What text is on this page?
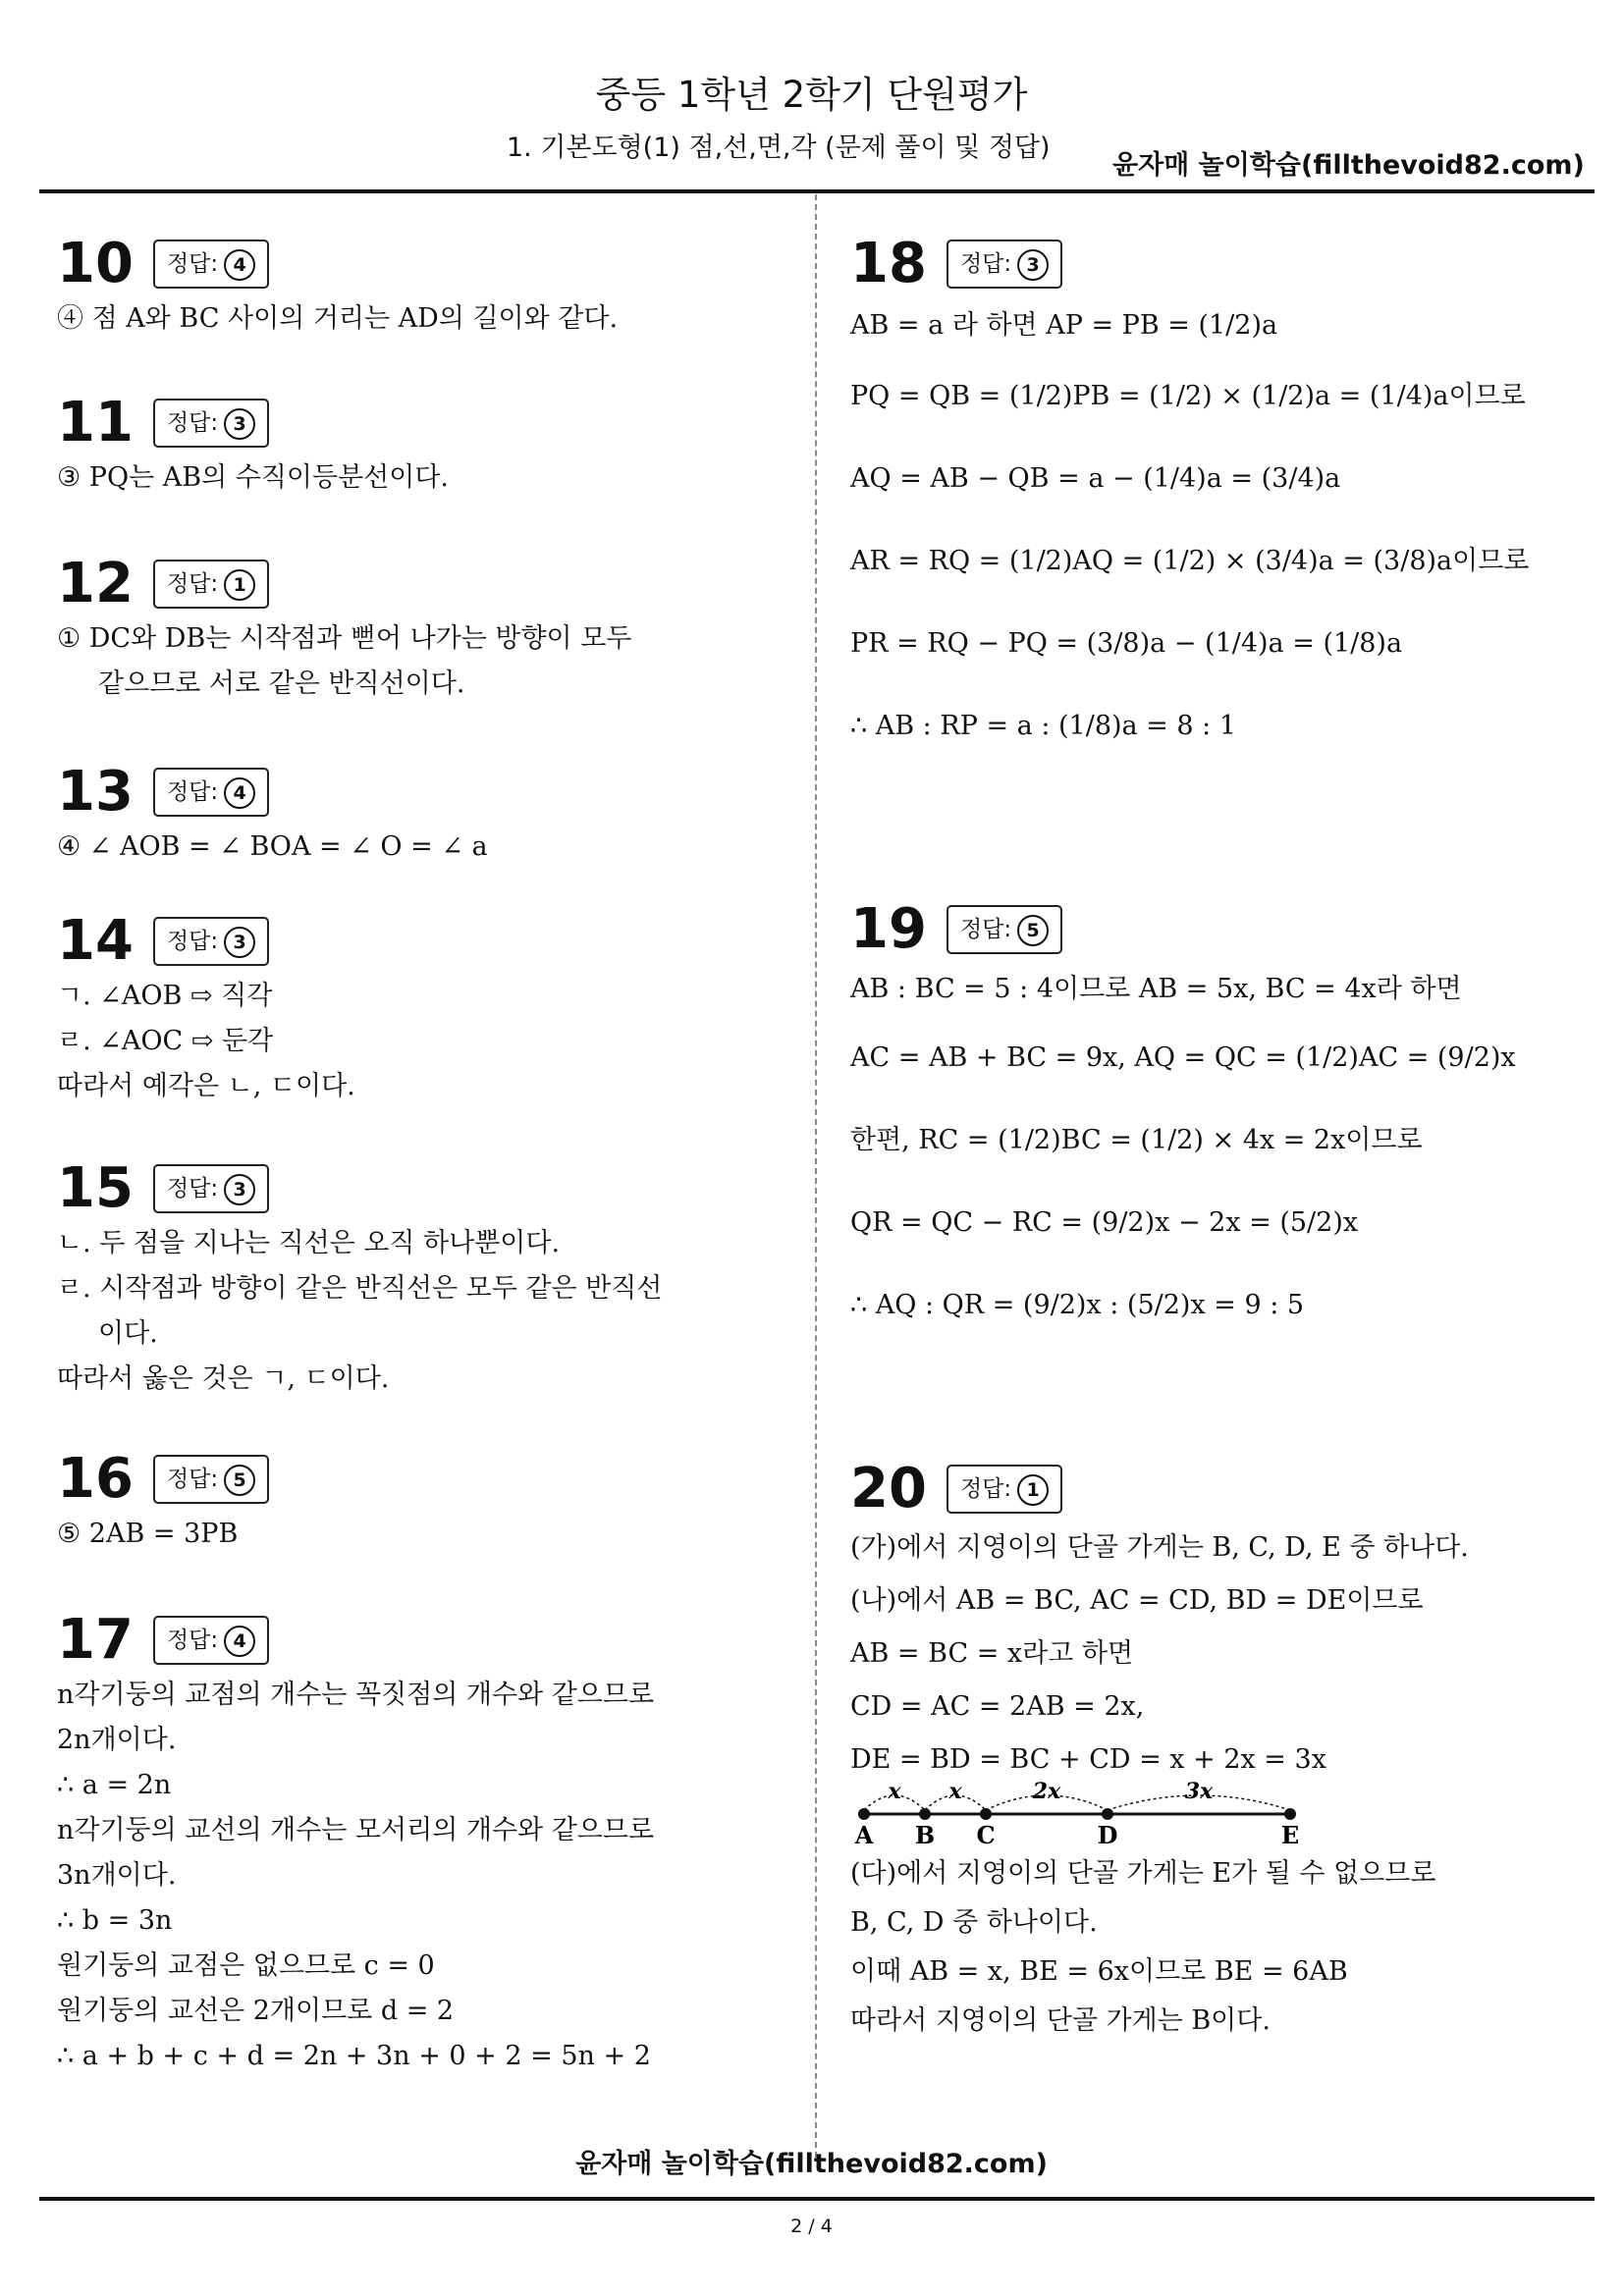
중등 1학년 2학기 단원평가
1. 기본도형(1) 점,선,면,각 (문제 풀이 및 정답)
윤자매 놀이학습(fillthevoid82.com)
10	정답: 4
④ 점 A와 BC 사이의 거리는 AD의 길이와 같다.
11	정답: 3
③ PQ는 AB의 수직이등분선이다.
12	정답: 1
① DC와 DB는 시작점과 뻗어 나가는 방향이 모두
같으므로 서로 같은 반직선이다.
13	정답: 4
④ ∠ AOB = ∠ BOA = ∠ O = ∠ a
14	정답: 3
ㄱ. ∠AOB ⇨ 직각
ㄹ. ∠AOC ⇨ 둔각
따라서 예각은 ㄴ, ㄷ이다.
15	정답: 3
ㄴ. 두 점을 지나는 직선은 오직 하나뿐이다.
ㄹ. 시작점과 방향이 같은 반직선은 모두 같은 반직선
이다.
따라서 옳은 것은 ㄱ, ㄷ이다.
16	정답: 5
⑤ 2AB = 3PB
17	정답: 4
n각기둥의 교점의 개수는 꼭짓점의 개수와 같으므로
2n개이다.
∴ a = 2n
n각기둥의 교선의 개수는 모서리의 개수와 같으므로
3n개이다.
∴ b = 3n
원기둥의 교점은 없으므로 c = 0
원기둥의 교선은 2개이므로 d = 2
∴ a + b + c + d = 2n + 3n + 0 + 2 = 5n + 2
18	정답: 3
AB = a 라 하면 AP = PB = (1/2)a
PQ = QB = (1/2)PB = (1/2) × (1/2)a = (1/4)a이므로
AQ = AB − QB = a − (1/4)a = (3/4)a
AR = RQ = (1/2)AQ = (1/2) × (3/4)a = (3/8)a이므로
PR = RQ − PQ = (3/8)a − (1/4)a = (1/8)a
∴ AB : RP = a : (1/8)a = 8 : 1
19	정답: 5
AB : BC = 5 : 4이므로 AB = 5x, BC = 4x라 하면
AC = AB + BC = 9x, AQ = QC = (1/2)AC = (9/2)x
한편, RC = (1/2)BC = (1/2) × 4x = 2x이므로
QR = QC − RC = (9/2)x − 2x = (5/2)x
∴ AQ : QR = (9/2)x : (5/2)x = 9 : 5
20	정답: 1
(가)에서 지영이의 단골 가게는 B, C, D, E 중 하나다.
(나)에서 AB = BC, AC = CD, BD = DE이므로
AB = BC = x라고 하면
CD = AC = 2AB = 2x,
DE = BD = BC + CD = x + 2x = 3x
x x	2x	3x
A B C	D	E
(다)에서 지영이의 단골 가게는 E가 될 수 없으므로
B, C, D 중 하나이다.
이때 AB = x, BE = 6x이므로 BE = 6AB
따라서 지영이의 단골 가게는 B이다.
윤자매 놀이학습(fillthevoid82.com)
2 / 4
